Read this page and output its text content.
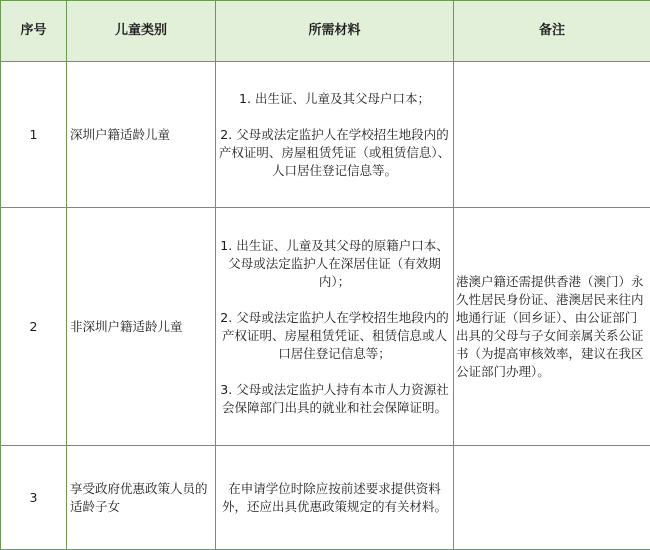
序号	儿童类别	所需材料	备注
1	深圳户籍适龄儿童	1. 出生证、儿童及其父母户口本；

2. 父母或法定监护人在学校招生地段内的产权证明、房屋租赁凭证（或租赁信息）、人口居住登记信息等。	

2	非深圳户籍适龄儿童	1. 出生证、儿童及其父母的原籍户口本、父母或法定监护人在深居住证（有效期内）；

2. 父母或法定监护人在学校招生地段内的产权证明、房屋租赁凭证、租赁信息或人口居住登记信息等；

3. 父母或法定监护人持有本市人力资源社会保障部门出具的就业和社会保障证明。	港澳户籍还需提供香港（澳门）永久性居民身份证、港澳居民来往内地通行证（回乡证）、由公证部门出具的父母与子女间亲属关系公证书（为提高审核效率，建议在我区公证部门办理）。
3	享受政府优惠政策人员的适龄子女	在申请学位时除应按前述要求提供资料外，还应出具优惠政策规定的有关材料。	
